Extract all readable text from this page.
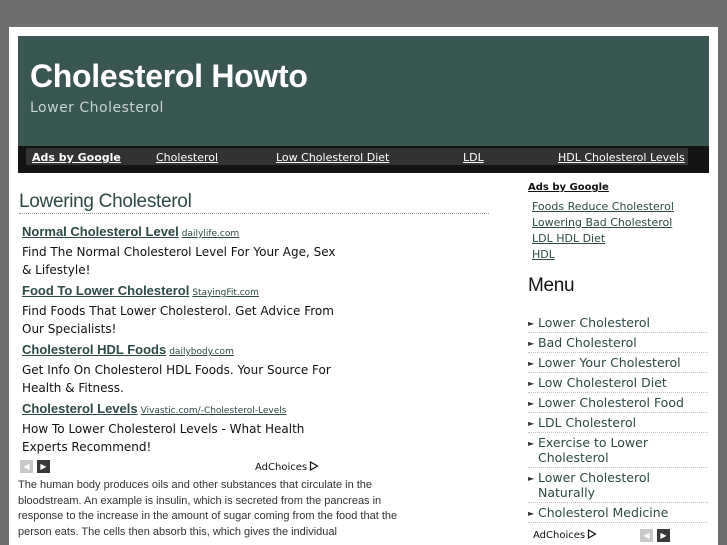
Cholesterol Howto
Lower Cholesterol
Ads by Google	Cholesterol	Low Cholesterol Diet	LDL	HDL Cholesterol Levels
Lowering Cholesterol
Normal Cholesterol Level dailylife.com
Find The Normal Cholesterol Level For Your Age, Sex & Lifestyle!
Food To Lower Cholesterol StayingFit.com
Find Foods That Lower Cholesterol. Get Advice From Our Specialists!
Cholesterol HDL Foods dailybody.com
Get Info On Cholesterol HDL Foods. Your Source For Health & Fitness.
Cholesterol Levels Vivastic.com/-Cholesterol-Levels
How To Lower Cholesterol Levels - What Health Experts Recommend!
◀ ▶	AdChoices
The human body produces oils and other substances that circulate in the bloodstream. An example is insulin, which is secreted from the pancreas in response to the increase in the amount of sugar coming from the food that the person eats. The cells then absorb this, which gives the individual
Ads by Google
Foods Reduce Cholesterol
Lowering Bad Cholesterol
LDL HDL Diet
HDL
Menu
► Lower Cholesterol
► Bad Cholesterol
► Lower Your Cholesterol
► Low Cholesterol Diet
► Lower Cholesterol Food
► LDL Cholesterol
► Exercise to Lower Cholesterol
► Lower Cholesterol Naturally
► Cholesterol Medicine
AdChoices	◀ ▶
